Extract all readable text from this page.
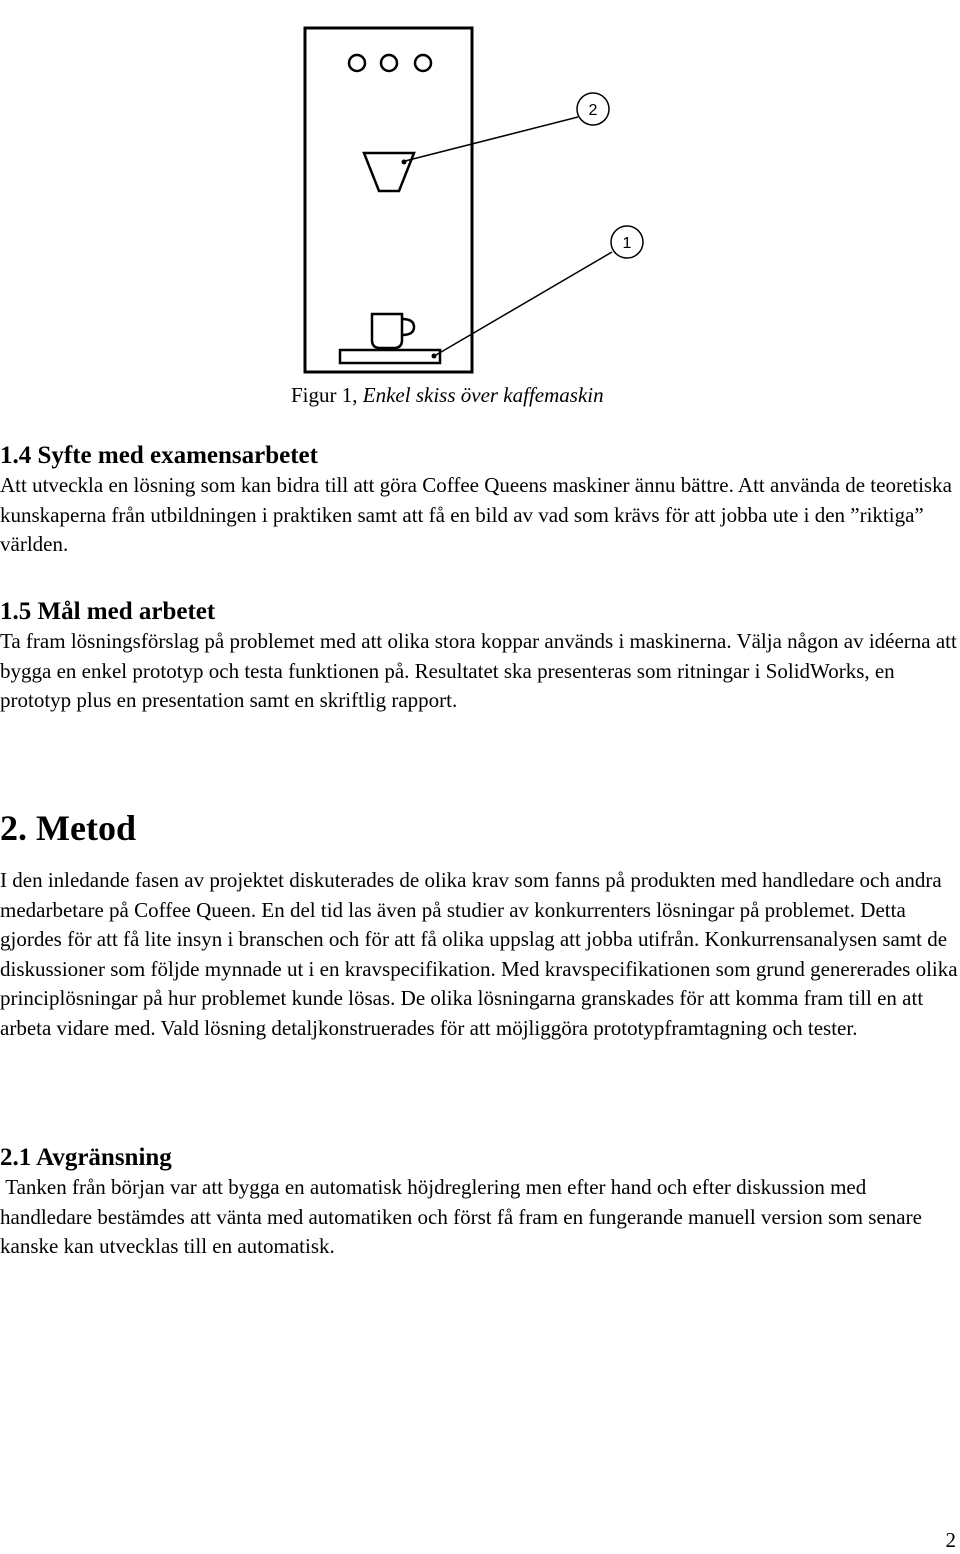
2
1
Figur 1, Enkel skiss över kaffemaskin
1.4 Syfte med examensarbetet

Att utveckla en lösning som kan bidra till att göra Coffee Queens maskiner ännu bättre. Att använda de teoretiska kunskaperna från utbildningen i praktiken samt att få en bild av vad som krävs för att jobba ute i den ”riktiga” världen.

1.5 Mål med arbetet

Ta fram lösningsförslag på problemet med att olika stora koppar används i maskinerna. Välja någon av idéerna att bygga en enkel prototyp och testa funktionen på. Resultatet ska presenteras som ritningar i SolidWorks, en prototyp plus en presentation samt en skriftlig rapport.

2. Metod

I den inledande fasen av projektet diskuterades de olika krav som fanns på produkten med handledare och andra medarbetare på Coffee Queen. En del tid las även på studier av konkurrenters lösningar på problemet. Detta gjordes för att få lite insyn i branschen och för att få olika uppslag att jobba utifrån. Konkurrensanalysen samt de diskussioner som följde mynnade ut i en kravspecifikation. Med kravspecifikationen som grund genererades olika principlösningar på hur problemet kunde lösas. De olika lösningarna granskades för att komma fram till en att arbeta vidare med. Vald lösning detaljkonstruerades för att möjliggöra prototypframtagning och tester.

2.1 Avgränsning

Tanken från början var att bygga en automatisk höjdreglering men efter hand och efter diskussion med handledare bestämdes att vänta med automatiken och först få fram en fungerande manuell version som senare kanske kan utvecklas till en automatisk.

2
